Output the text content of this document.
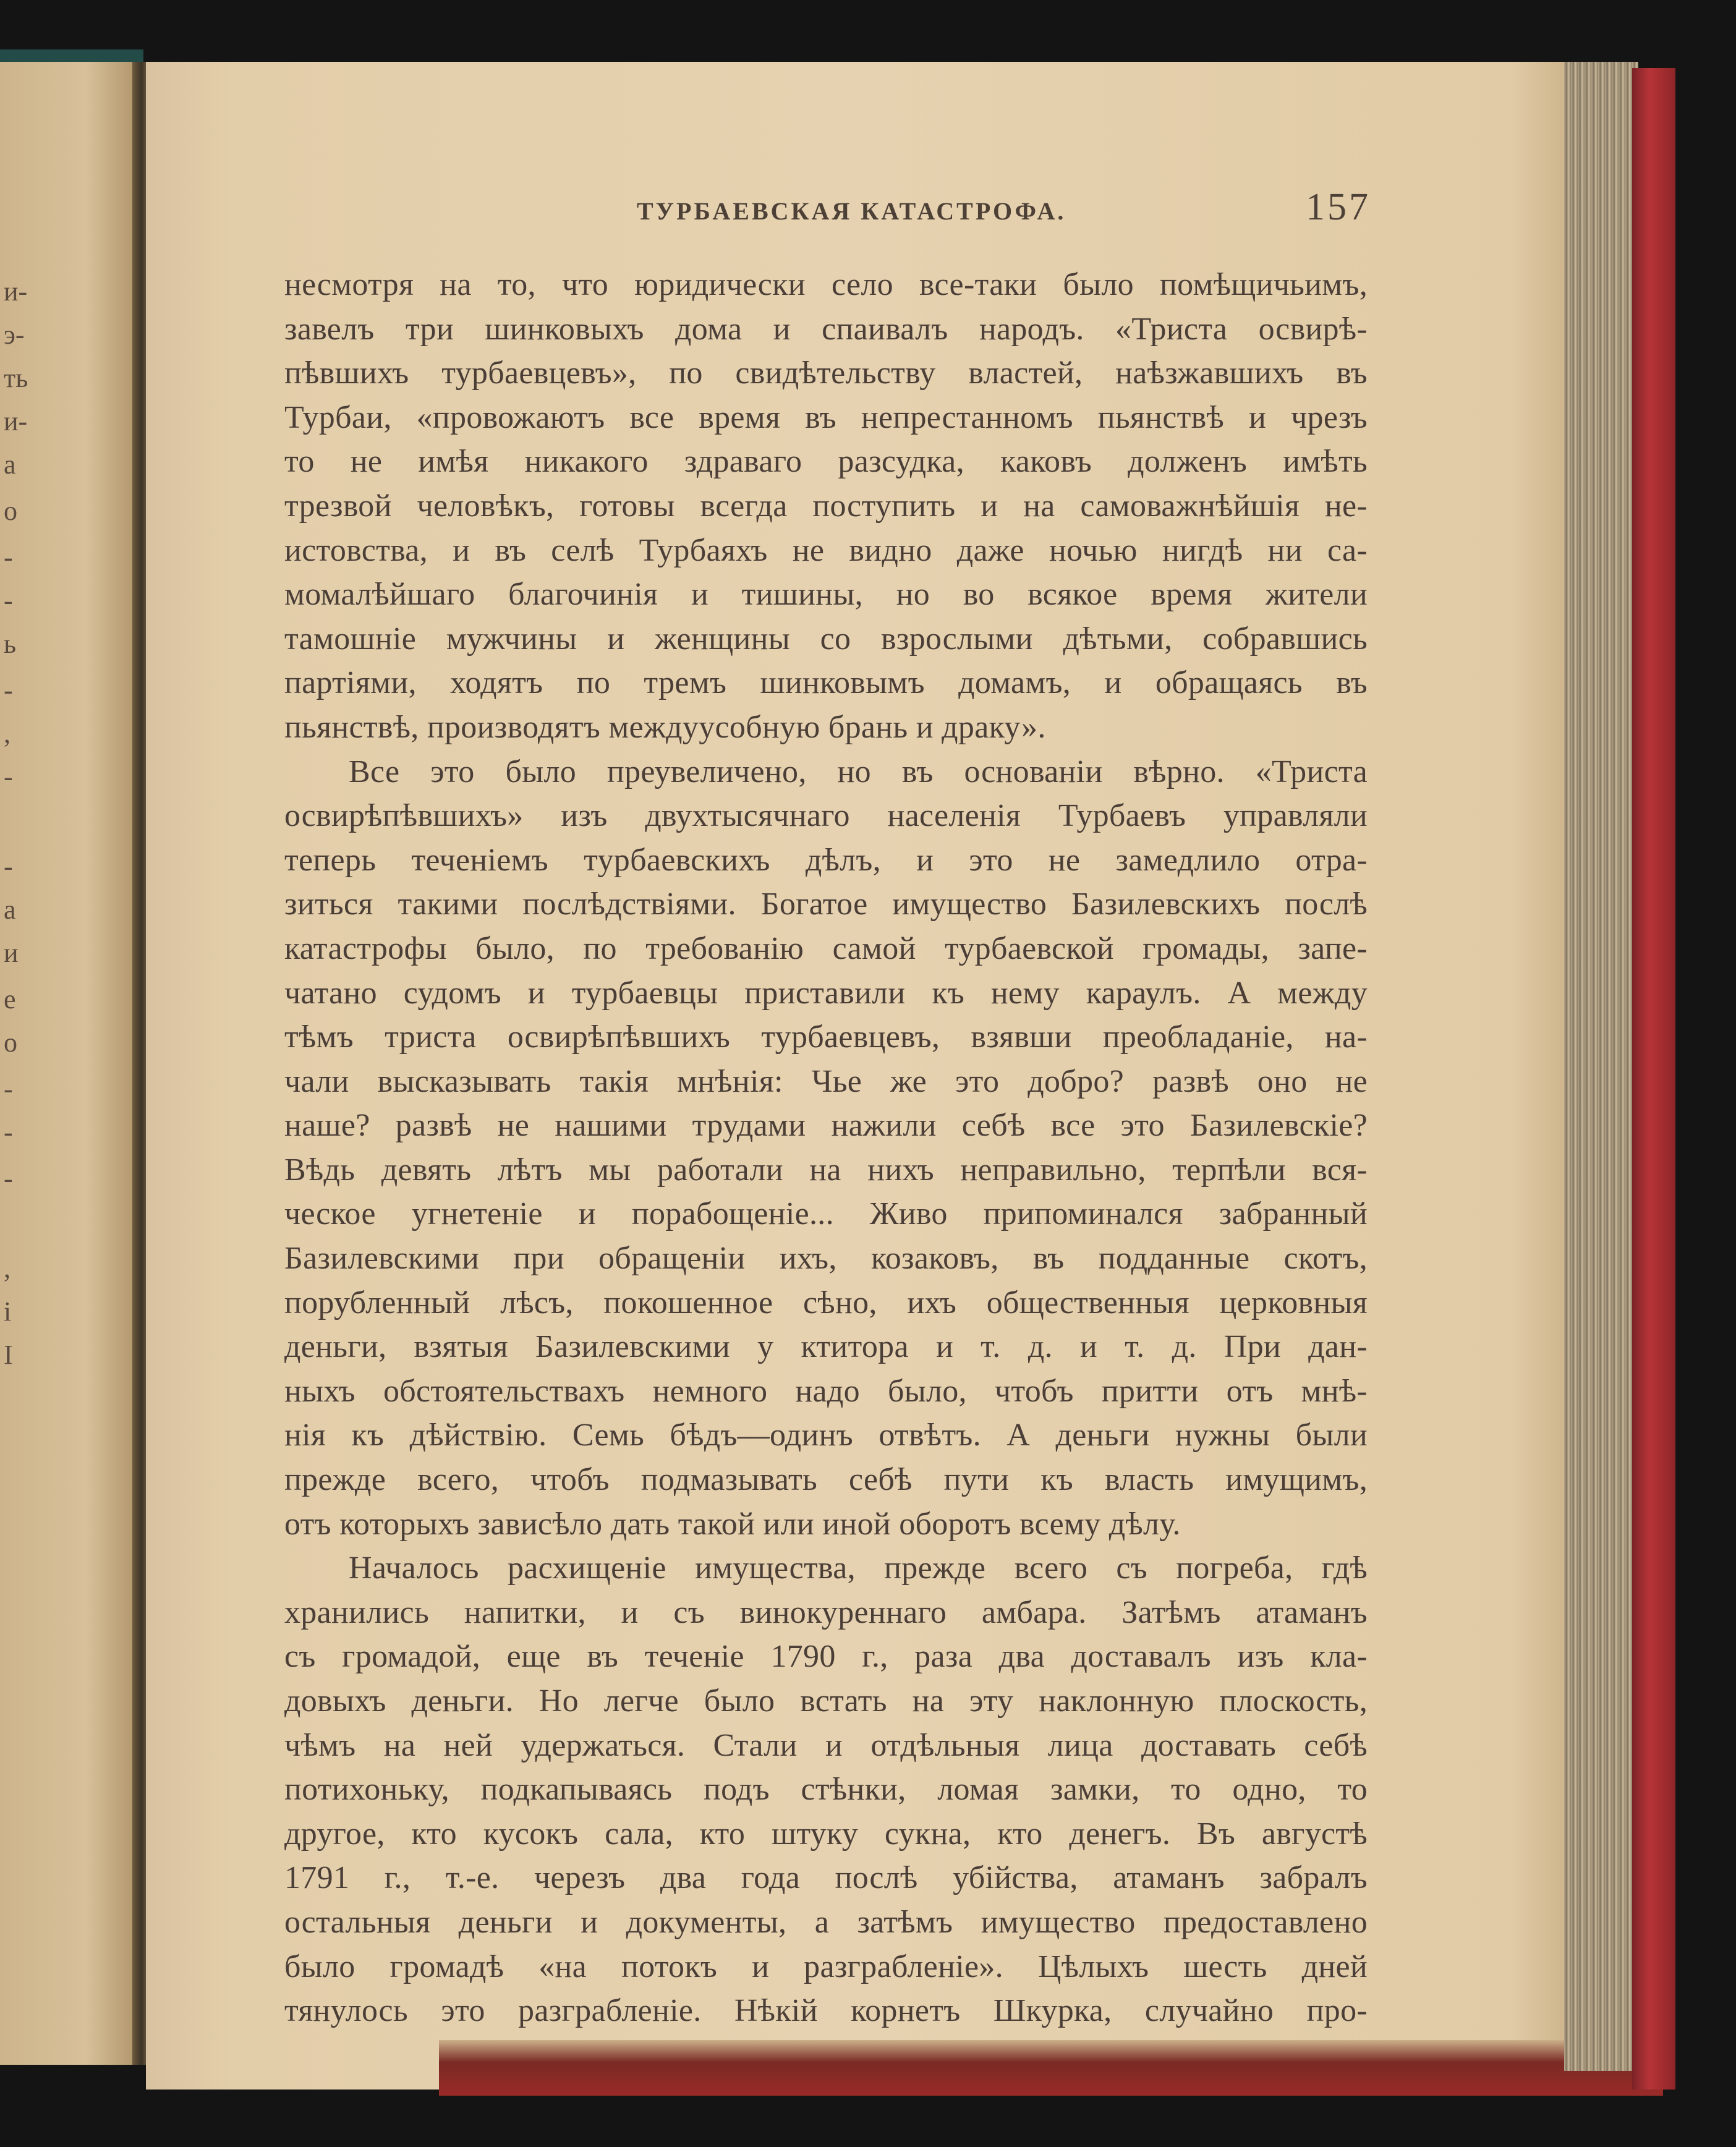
и-
э-
ть
и-
а
о
-
-
ь
-
,
-
-
а
и
е
о
-
-
-
,
і
І

ТУРБАЕВСКАЯ КАТАСТРОФА.	157

несмотря на то, что юридически село все-таки было помѣщичьимъ,
завелъ три шинковыхъ дома и спаивалъ народъ. «Триста освирѣ-
пѣвшихъ турбаевцевъ», по свидѣтельству властей, наѣзжавшихъ въ
Турбаи, «провожаютъ все время въ непрестанномъ пьянствѣ и чрезъ
то не имѣя никакого здраваго разсудка, каковъ долженъ имѣть
трезвой человѣкъ, готовы всегда поступить и на самоважнѣйшія не-
истовства, и въ селѣ Турбаяхъ не видно даже ночью нигдѣ ни са-
момалѣйшаго благочинія и тишины, но во всякое время жители
тамошніе мужчины и женщины со взрослыми дѣтьми, собравшись
партіями, ходятъ по тремъ шинковымъ домамъ, и обращаясь въ
пьянствѣ, производятъ междуусобную брань и драку».
Все это было преувеличено, но въ основаніи вѣрно. «Триста
освирѣпѣвшихъ» изъ двухтысячнаго населенія Турбаевъ управляли
теперь теченіемъ турбаевскихъ дѣлъ, и это не замедлило отра-
зиться такими послѣдствіями. Богатое имущество Базилевскихъ послѣ
катастрофы было, по требованію самой турбаевской громады, запе-
чатано судомъ и турбаевцы приставили къ нему караулъ. А между
тѣмъ триста освирѣпѣвшихъ турбаевцевъ, взявши преобладаніе, на-
чали высказывать такія мнѣнія: Чье же это добро? развѣ оно не
наше? развѣ не нашими трудами нажили себѣ все это Базилевскіе?
Вѣдь девять лѣтъ мы работали на нихъ неправильно, терпѣли вся-
ческое угнетеніе и порабощеніе... Живо припоминался забранный
Базилевскими при обращеніи ихъ, козаковъ, въ подданные скотъ,
порубленный лѣсъ, покошенное сѣно, ихъ общественныя церковныя
деньги, взятыя Базилевскими у ктитора и т. д. и т. д. При дан-
ныхъ обстоятельствахъ немного надо было, чтобъ притти отъ мнѣ-
нія къ дѣйствію. Семь бѣдъ—одинъ отвѣтъ. А деньги нужны были
прежде всего, чтобъ подмазывать себѣ пути къ власть имущимъ,
отъ которыхъ зависѣло дать такой или иной оборотъ всему дѣлу.
Началось расхищеніе имущества, прежде всего съ погреба, гдѣ
хранились напитки, и съ винокуреннаго амбара. Затѣмъ атаманъ
съ громадой, еще въ теченіе 1790 г., раза два доставалъ изъ кла-
довыхъ деньги. Но легче было встать на эту наклонную плоскость,
чѣмъ на ней удержаться. Стали и отдѣльныя лица доставать себѣ
потихоньку, подкапываясь подъ стѣнки, ломая замки, то одно, то
другое, кто кусокъ сала, кто штуку сукна, кто денегъ. Въ августѣ
1791 г., т.-е. черезъ два года послѣ убійства, атаманъ забралъ
остальныя деньги и документы, а затѣмъ имущество предоставлено
было громадѣ «на потокъ и разграбленіе». Цѣлыхъ шесть дней
тянулось это разграбленіе. Нѣкій корнетъ Шкурка, случайно про-
